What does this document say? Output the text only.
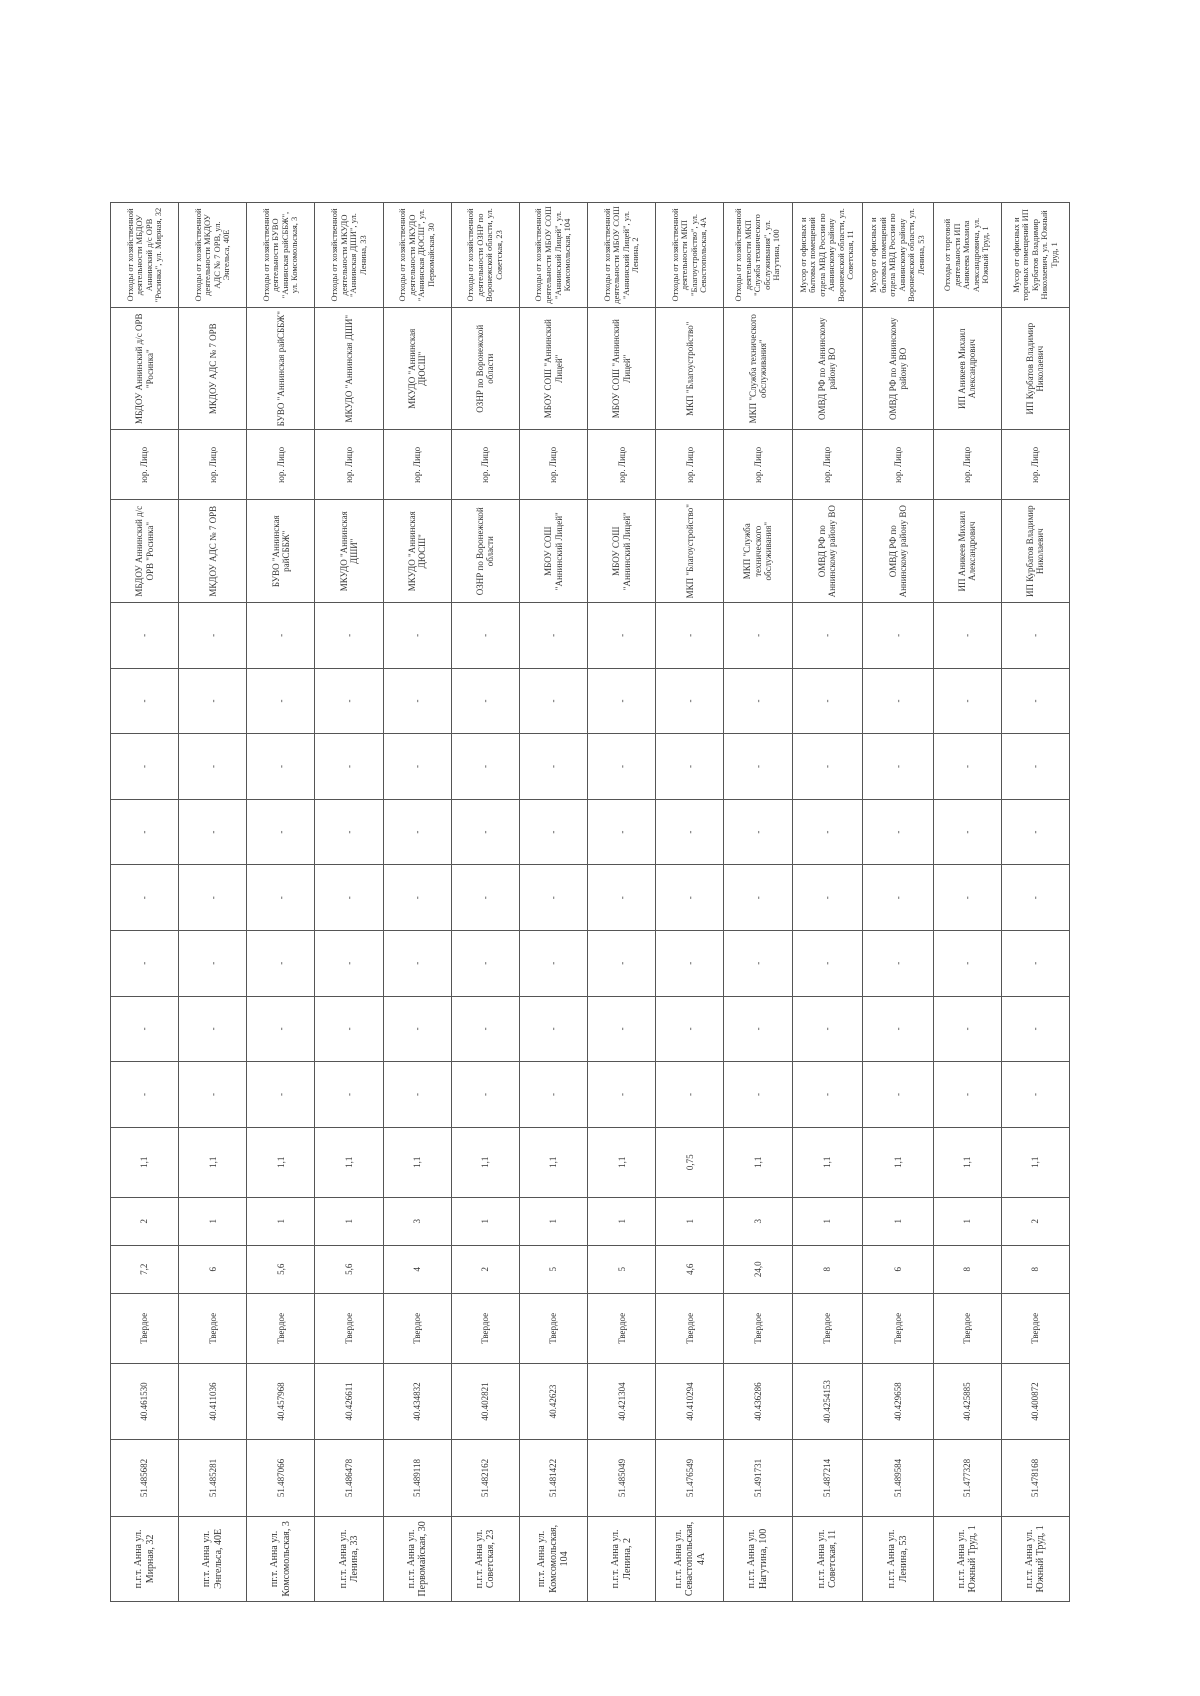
п.г.т. Анна ул. Мирная, 32	51.485682	40.461530	Твердое	7,2	2	1,1	-	-	-	-	-	-	-	-	МБДОУ Аннинский д/с ОРВ "Росинка"	юр. Лицо	МБДОУ Аннинский д/с ОРВ "Росинка"	Отходы от хозяйственной деятельности МБДОУ Аннинский д/с ОРВ "Росинка", ул. Мирная, 32
пг.т. Анна ул. Энгельса, 40Е	51.485281	40.411036	Твердое	6	1	1,1	-	-	-	-	-	-	-	-	МКДОУ АДС № 7 ОРВ	юр. Лицо	МКДОУ АДС № 7 ОРВ	Отходы от хозяйственной деятельности МКДОУ АДС № 7 ОРВ, ул. Энгельса, 40Е
пг.т. Анна ул. Комсомольская, 3	51.487066	40.457968	Твердое	5,6	1	1,1	-	-	-	-	-	-	-	-	БУВО "Аннинская райСББЖ"	юр. Лицо	БУВО "Аннинская райСББЖ"	Отходы от хозяйственной деятельности БУВО "Аннинская райСББЖ", ул. Комсомольская, 3
п.г.т. Анна ул. Ленина, 33	51.486478	40.426611	Твердое	5,6	1	1,1	-	-	-	-	-	-	-	-	МКУДО "Аннинская ДШИ"	юр. Лицо	МКУДО "Аннинская ДШИ"	Отходы от хозяйственной деятельности МКУДО "Аннинская ДШИ", ул. Ленина, 33
п.г.т. Анна ул. Первомайская, 30	51.489118	40.434832	Твердое	4	3	1,1	-	-	-	-	-	-	-	-	МКУДО "Аннинская ДЮСШ"	юр. Лицо	МКУДО "Аннинская ДЮСШ"	Отходы от хозяйственной деятельности МКУДО "Аннинская ДЮСШ", ул. Первомайская, 30
п.г.т. Анна ул. Советская, 23	51.482162	40.402821	Твердое	2	1	1,1	-	-	-	-	-	-	-	-	ОЗНР по Воронежской области	юр. Лицо	ОЗНР по Воронежской области	Отходы от хозяйственной деятельности ОЗНР по Воронежской области, ул. Советская, 23
пг.т. Анна ул. Комсомольская, 104	51.481422	40.42623	Твердое	5	1	1,1	-	-	-	-	-	-	-	-	МБОУ СОШ "Аннинский Лицей"	юр. Лицо	МБОУ СОШ "Аннинский Лицей"	Отходы от хозяйственной деятельности МБОУ СОШ "Аннинский Лицей", ул. Комсомольская, 104
п.г.т. Анна ул. Ленина, 2	51.485049	40.421304	Твердое	5	1	1,1	-	-	-	-	-	-	-	-	МБОУ СОШ "Аннинский Лицей"	юр. Лицо	МБОУ СОШ "Аннинский Лицей"	Отходы от хозяйственной деятельности МБОУ СОШ "Аннинский Лицей", ул. Ленина, 2
п.г.т. Анна ул. Севастопольская, 4А	51.476549	40.410294	Твердое	4,6	1	0,75	-	-	-	-	-	-	-	-	МКП "Благоустройство"	юр. Лицо	МКП "Благоустройство"	Отходы от хозяйственной деятельности МКП "Благоустройство", ул. Севастопольская, 4А
п.г.т. Анна ул. Нагутина, 100	51.491731	40.436286	Твердое	24,0	3	1,1	-	-	-	-	-	-	-	-	МКП "Служба технического обслуживания"	юр. Лицо	МКП "Служба технического обслуживания"	Отходы от хозяйственной деятельности МКП "Служба технического обслуживания", ул. Нагутина, 100
п.г.т. Анна ул. Советская, 11	51.487214	40.4254153	Твердое	8	1	1,1	-	-	-	-	-	-	-	-	ОМВД РФ по Аннинскому району ВО	юр. Лицо	ОМВД РФ по Аннинскому району ВО	Мусор от офисных и бытовых помещений отдела МВД России по Аннинскому району Воронежской области, ул. Советская, 11
п.г.т. Анна ул. Ленина, 53	51.489584	40.429658	Твердое	6	1	1,1	-	-	-	-	-	-	-	-	ОМВД РФ по Аннинскому району ВО	юр. Лицо	ОМВД РФ по Аннинскому району ВО	Мусор от офисных и бытовых помещений отдела МВД России по Аннинскому району Воронежской области, ул. Ленина, 53
п.г.т. Анна ул. Южный Труд, 1	51.477328	40.425885	Твердое	8	1	1,1	-	-	-	-	-	-	-	-	ИП Аникеев Михаил Александрович	юр. Лицо	ИП Аникеев Михаил Александрович	Отходы от торговой деятельности ИП Аникеева Михаила Александровича, ул. Южный Труд, 1
п.г.т. Анна ул. Южный Труд, 1	51.478168	40.400872	Твердое	8	2	1,1	-	-	-	-	-	-	-	-	ИП Курбатов Владимир Николаевич	юр. Лицо	ИП Курбатов Владимир Николаевич	Мусор от офисных и торговых помещений ИП Курбатов Владимир Николаевич, ул. Южный Труд, 1
